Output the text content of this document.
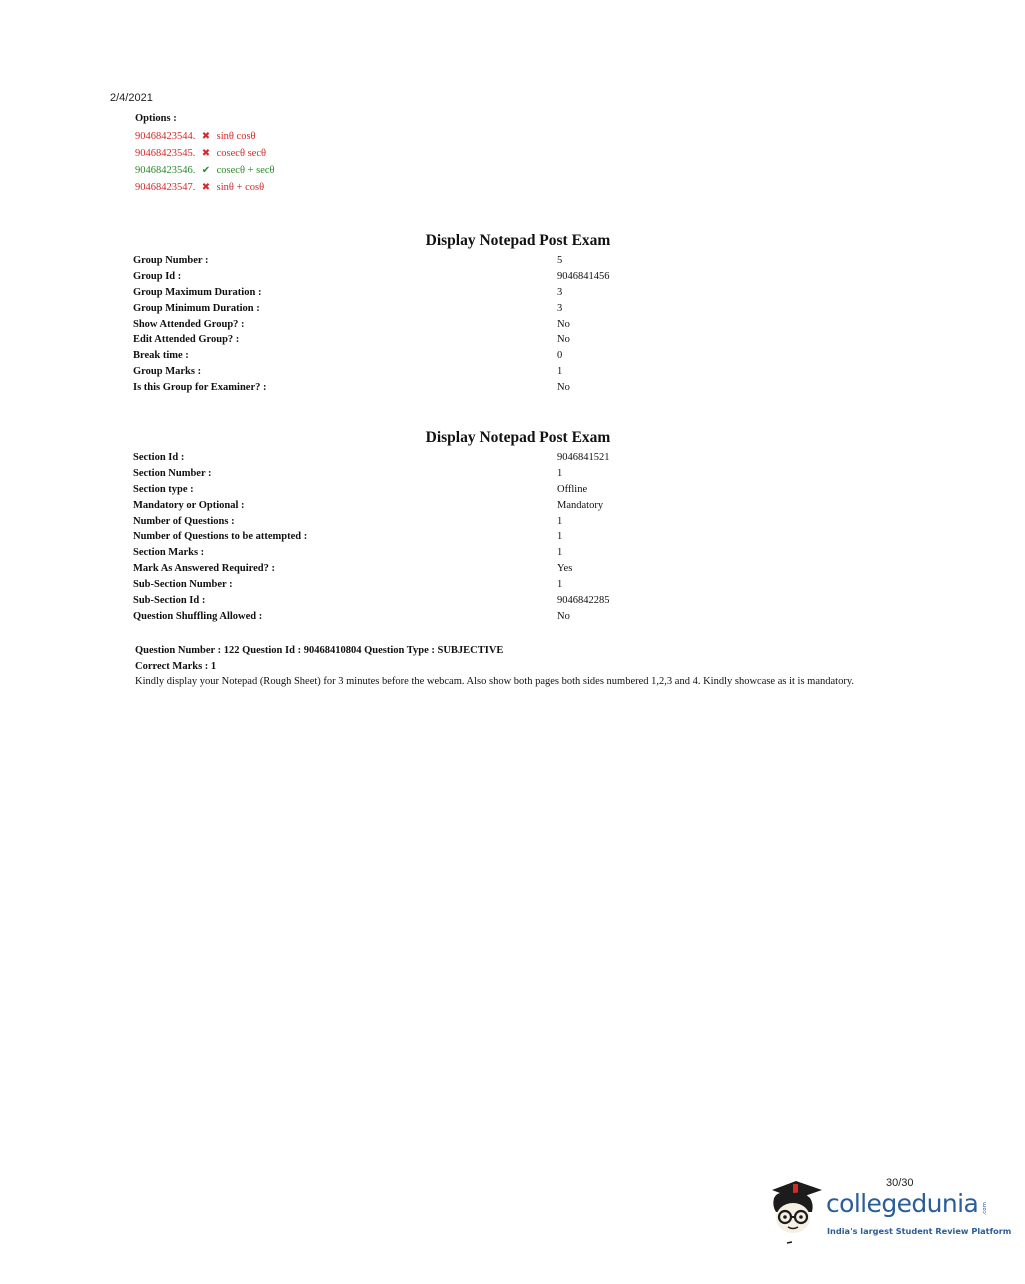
2/4/2021
Options :
90468423544. ✖ sinθ cosθ
90468423545. ✖ cosecθ secθ
90468423546. ✔ cosecθ + secθ
90468423547. ✖ sinθ + cosθ
Display Notepad Post Exam
Group Number :	5
Group Id :	9046841456
Group Maximum Duration :	3
Group Minimum Duration :	3
Show Attended Group? :	No
Edit Attended Group? :	No
Break time :	0
Group Marks :	1
Is this Group for Examiner? :	No
Display Notepad Post Exam
Section Id :	9046841521
Section Number :	1
Section type :	Offline
Mandatory or Optional :	Mandatory
Number of Questions :	1
Number of Questions to be attempted :	1
Section Marks :	1
Mark As Answered Required? :	Yes
Sub-Section Number :	1
Sub-Section Id :	9046842285
Question Shuffling Allowed :	No
Question Number : 122 Question Id : 90468410804 Question Type : SUBJECTIVE
Correct Marks : 1
Kindly display your Notepad (Rough Sheet) for 3 minutes before the webcam. Also show both pages both sides numbered 1,2,3 and 4. Kindly showcase as it is mandatory.
30/30
collegedunia .com
India's largest Student Review Platform
